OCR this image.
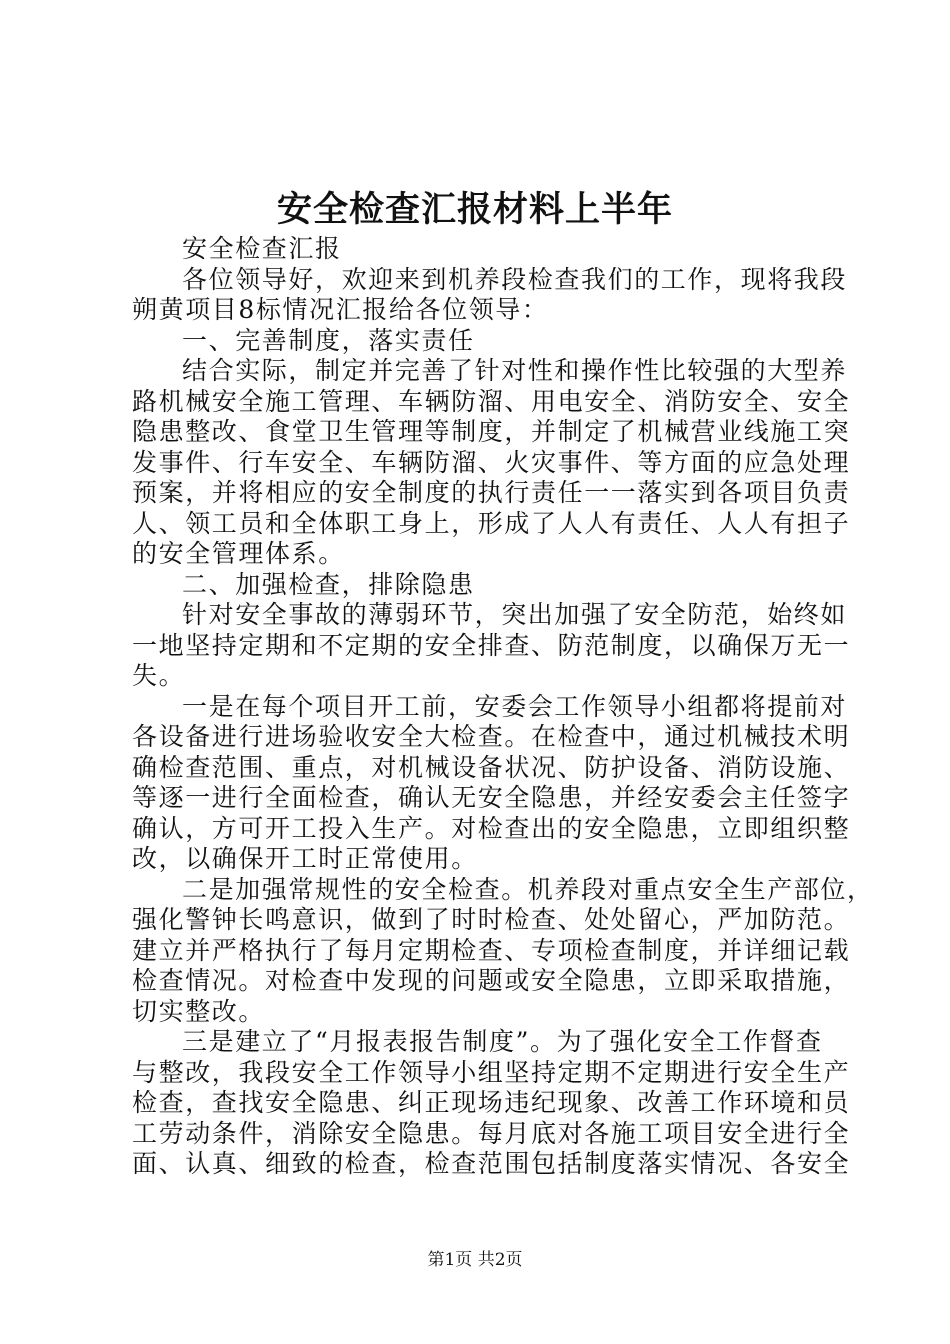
安全检查汇报材料上半年
安全检查汇报
各位领导好，欢迎来到机养段检查我们的工作，现将我段
朔黄项目8标情况汇报给各位领导：
一、完善制度，落实责任
结合实际，制定并完善了针对性和操作性比较强的大型养
路机械安全施工管理、车辆防溜、用电安全、消防安全、安全
隐患整改、食堂卫生管理等制度，并制定了机械营业线施工突
发事件、行车安全、车辆防溜、火灾事件、等方面的应急处理
预案，并将相应的安全制度的执行责任一一落实到各项目负责
人、领工员和全体职工身上，形成了人人有责任、人人有担子
的安全管理体系。
二、加强检查，排除隐患
针对安全事故的薄弱环节，突出加强了安全防范，始终如
一地坚持定期和不定期的安全排查、防范制度，以确保万无一
失。
一是在每个项目开工前，安委会工作领导小组都将提前对
各设备进行进场验收安全大检查。在检查中，通过机械技术明
确检查范围、重点，对机械设备状况、防护设备、消防设施、
等逐一进行全面检查，确认无安全隐患，并经安委会主任签字
确认，方可开工投入生产。对检查出的安全隐患，立即组织整
改，以确保开工时正常使用。
二是加强常规性的安全检查。机养段对重点安全生产部位，
强化警钟长鸣意识，做到了时时检查、处处留心，严加防范。
建立并严格执行了每月定期检查、专项检查制度，并详细记载
检查情况。对检查中发现的问题或安全隐患，立即采取措施，
切实整改。
三是建立了“月报表报告制度”。为了强化安全工作督查
与整改，我段安全工作领导小组坚持定期不定期进行安全生产
检查，查找安全隐患、纠正现场违纪现象、改善工作环境和员
工劳动条件，消除安全隐患。每月底对各施工项目安全进行全
面、认真、细致的检查，检查范围包括制度落实情况、各安全
第1页 共2页
